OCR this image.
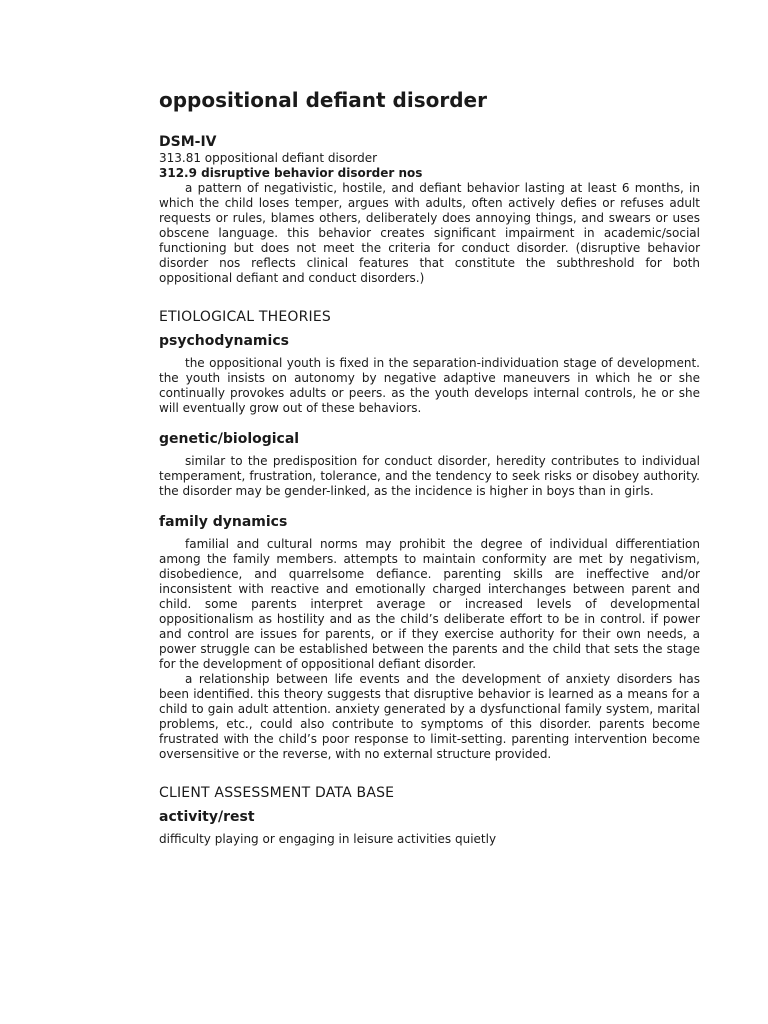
oppositional defiant disorder

DSM-IV

313.81 oppositional defiant disorder

312.9 disruptive behavior disorder nos

a pattern of negativistic, hostile, and defiant behavior lasting at least 6 months, in which the child loses temper, argues with adults, often actively defies or refuses adult requests or rules, blames others, deliberately does annoying things, and swears or uses obscene language. this behavior creates significant impairment in academic/social functioning but does not meet the criteria for conduct disorder. (disruptive behavior disorder nos reflects clinical features that constitute the subthreshold for both oppositional defiant and conduct disorders.)

ETIOLOGICAL THEORIES
psychodynamics

the oppositional youth is fixed in the separation-individuation stage of development. the youth insists on autonomy by negative adaptive maneuvers in which he or she continually provokes adults or peers. as the youth develops internal controls, he or she will eventually grow out of these behaviors.

genetic/biological

similar to the predisposition for conduct disorder, heredity contributes to individual temperament, frustration, tolerance, and the tendency to seek risks or disobey authority. the disorder may be gender-linked, as the incidence is higher in boys than in girls.

family dynamics

familial and cultural norms may prohibit the degree of individual differentiation among the family members. attempts to maintain conformity are met by negativism, disobedience, and quarrelsome defiance. parenting skills are ineffective and/or inconsistent with reactive and emotionally charged interchanges between parent and child. some parents interpret average or increased levels of developmental oppositionalism as hostility and as the child’s deliberate effort to be in control. if power and control are issues for parents, or if they exercise authority for their own needs, a power struggle can be established between the parents and the child that sets the stage for the development of oppositional defiant disorder.

a relationship between life events and the development of anxiety disorders has been identified. this theory suggests that disruptive behavior is learned as a means for a child to gain adult attention. anxiety generated by a dysfunctional family system, marital problems, etc., could also contribute to symptoms of this disorder. parents become frustrated with the child’s poor response to limit-setting. parenting intervention become oversensitive or the reverse, with no external structure provided.

CLIENT ASSESSMENT DATA BASE
activity/rest

difficulty playing or engaging in leisure activities quietly
